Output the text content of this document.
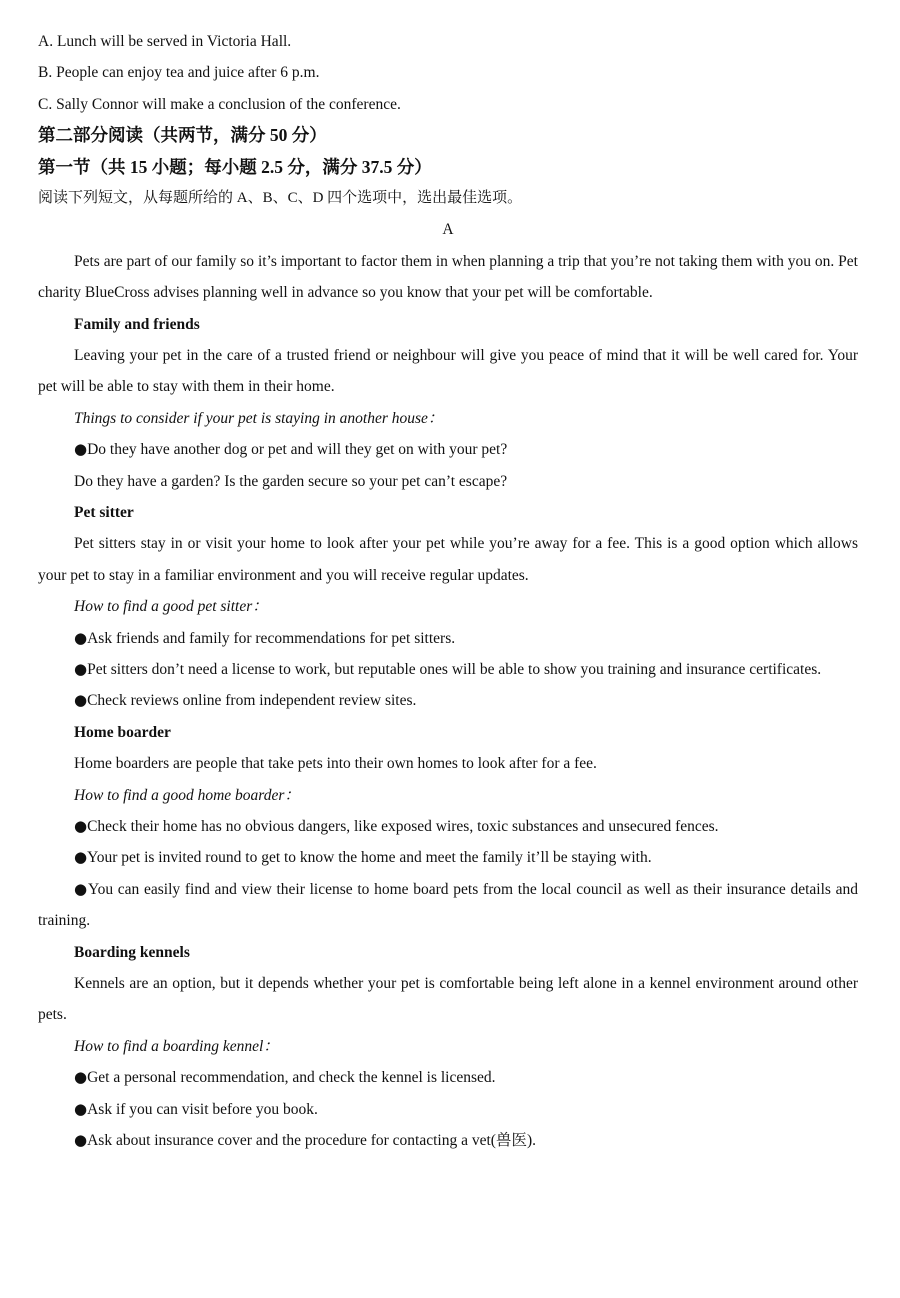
A. Lunch will be served in Victoria Hall.
B. People can enjoy tea and juice after 6 p.m.
C. Sally Connor will make a conclusion of the conference.
第二部分阅读（共两节，满分 50 分）
第一节（共 15 小题；每小题 2.5 分，满分 37.5 分）
阅读下列短文，从每题所给的 A、B、C、D 四个选项中，选出最佳选项。
A

Pets are part of our family so it’s important to factor them in when planning a trip that you’re not taking them with you on. Pet charity BlueCross advises planning well in advance so you know that your pet will be comfortable.

Family and friends

Leaving your pet in the care of a trusted friend or neighbour will give you peace of mind that it will be well cared for. Your pet will be able to stay with them in their home.

Things to consider if your pet is staying in another house：

●Do they have another dog or pet and will they get on with your pet?

Do they have a garden? Is the garden secure so your pet can’t escape?
Pet sitter

Pet sitters stay in or visit your home to look after your pet while you’re away for a fee. This is a good option which allows your pet to stay in a familiar environment and you will receive regular updates.

How to find a good pet sitter：

●Ask friends and family for recommendations for pet sitters.

●Pet sitters don’t need a license to work, but reputable ones will be able to show you training and insurance certificates.

●Check reviews online from independent review sites.

Home boarder

Home boarders are people that take pets into their own homes to look after for a fee.

How to find a good home boarder：

●Check their home has no obvious dangers, like exposed wires, toxic substances and unsecured fences.

●Your pet is invited round to get to know the home and meet the family it’ll be staying with.

●You can easily find and view their license to home board pets from the local council as well as their insurance details and training.

Boarding kennels

Kennels are an option, but it depends whether your pet is comfortable being left alone in a kennel environment around other pets.

How to find a boarding kennel：

●Get a personal recommendation, and check the kennel is licensed.

●Ask if you can visit before you book.

●Ask about insurance cover and the procedure for contacting a vet(兽医).
